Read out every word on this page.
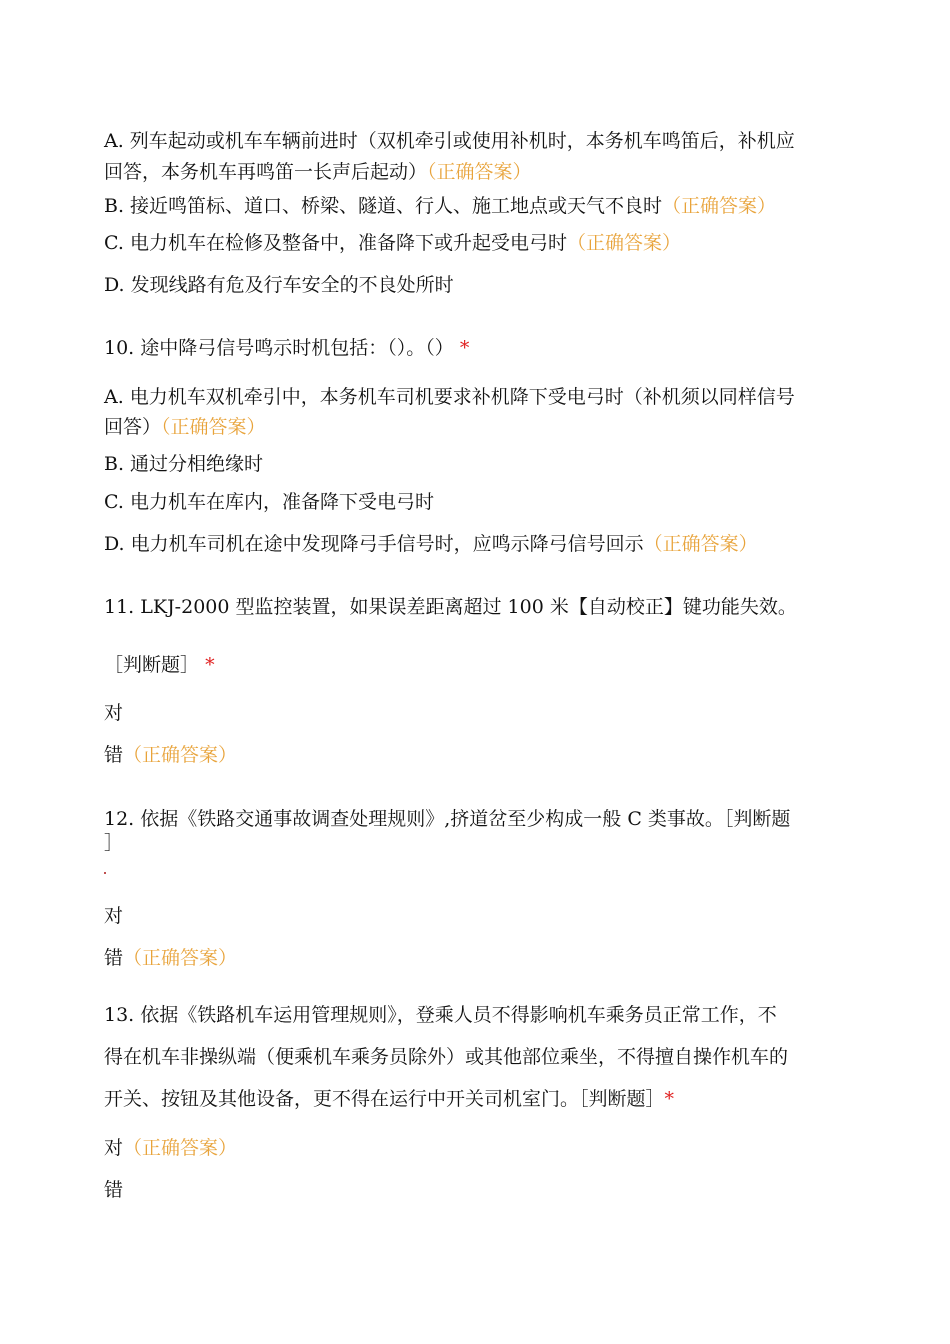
A. 列车起动或机车车辆前进时（双机牵引或使用补机时，本务机车鸣笛后，补机应
回答，本务机车再鸣笛一长声后起动）（正确答案）
B. 接近鸣笛标、道口、桥梁、隧道、行人、施工地点或天气不良时（正确答案）
C. 电力机车在检修及整备中，准备降下或升起受电弓时（正确答案）
D. 发现线路有危及行车安全的不良处所时
10. 途中降弓信号鸣示时机包括：（）。（） *
A. 电力机车双机牵引中，本务机车司机要求补机降下受电弓时（补机须以同样信号
回答）（正确答案）
B. 通过分相绝缘时
C. 电力机车在库内，准备降下受电弓时
D. 电力机车司机在途中发现降弓手信号时，应鸣示降弓信号回示（正确答案）
11. LKJ-2000 型监控装置，如果误差距离超过 100 米【自动校正】键功能失效。
［判断题］ *
对
错（正确答案）
12. 依据《铁路交通事故调查处理规则》,挤道岔至少构成一般 C 类事故。［判断题
］
对
错（正确答案）
13. 依据《铁路机车运用管理规则》，登乘人员不得影响机车乘务员正常工作，不
得在机车非操纵端（便乘机车乘务员除外）或其他部位乘坐，不得擅自操作机车的
开关、按钮及其他设备，更不得在运行中开关司机室门。［判断题］*
对（正确答案）
错
